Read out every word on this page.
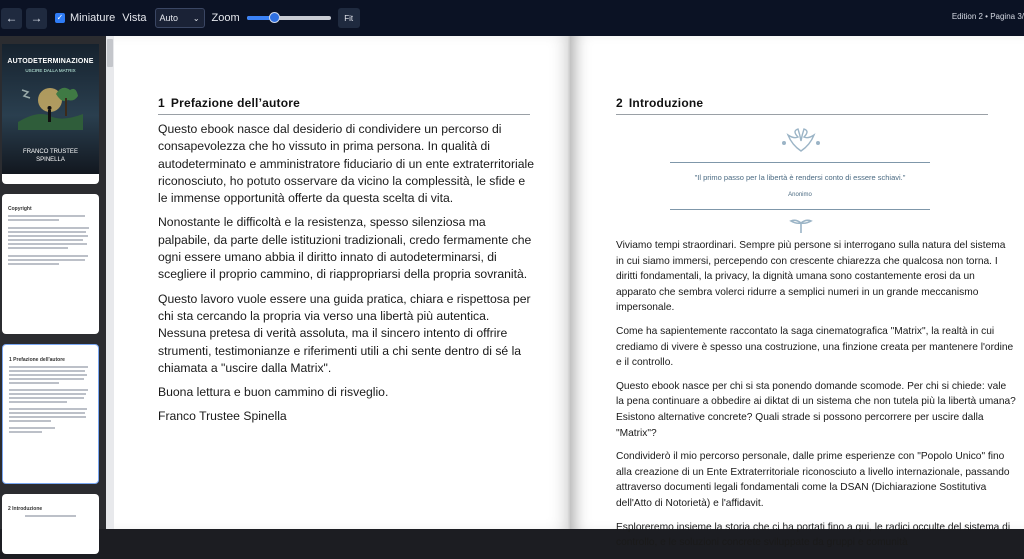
← → ✓ Miniature Vista Auto ⌄ Zoom	Fit	Edition 2 • Pagina 3/
AUTODETERMINAZIONE
USCIRE DALLA MATRIX
FRANCO TRUSTEE
SPINELLA
Copyright
1 Prefazione dell'autore
2 Introduzione
1 Prefazione dell’autore

Questo ebook nasce dal desiderio di condividere un percorso di consapevolezza che ho vissuto in prima persona. In qualità di autodeterminato e amministratore fiduciario di un ente extraterritoriale riconosciuto, ho potuto osservare da vicino la complessità, le sfide e le immense opportunità offerte da questa scelta di vita.

Nonostante le difficoltà e la resistenza, spesso silenziosa ma palpabile, da parte delle istituzioni tradizionali, credo fermamente che ogni essere umano abbia il diritto innato di autodeterminarsi, di scegliere il proprio cammino, di riappropriarsi della propria sovranità.

Questo lavoro vuole essere una guida pratica, chiara e rispettosa per chi sta cercando la propria via verso una libertà più autentica. Nessuna pretesa di verità assoluta, ma il sincero intento di offrire strumenti, testimonianze e riferimenti utili a chi sente dentro di sé la chiamata a "uscire dalla Matrix".

Buona lettura e buon cammino di risveglio.

Franco Trustee Spinella

2 Introduzione
"Il primo passo per la libertà è rendersi conto di essere schiavi."
Anonimo

Viviamo tempi straordinari. Sempre più persone si interrogano sulla natura del sistema in cui siamo immersi, percependo con crescente chiarezza che qualcosa non torna. I diritti fondamentali, la privacy, la dignità umana sono costantemente erosi da un apparato che sembra volerci ridurre a semplici numeri in un grande meccanismo impersonale.

Come ha sapientemente raccontato la saga cinematografica "Matrix", la realtà in cui crediamo di vivere è spesso una costruzione, una finzione creata per mantenere l'ordine e il controllo.

Questo ebook nasce per chi si sta ponendo domande scomode. Per chi si chiede: vale la pena continuare a obbedire ai diktat di un sistema che non tutela più la libertà umana? Esistono alternative concrete? Quali strade si possono percorrere per uscire dalla "Matrix"?

Condividerò il mio percorso personale, dalle prime esperienze con "Popolo Unico" fino alla creazione di un Ente Extraterritoriale riconosciuto a livello internazionale, passando attraverso documenti legali fondamentali come la DSAN (Dichiarazione Sostitutiva dell'Atto di Notorietà) e l'affidavit.

Esploreremo insieme la storia che ci ha portati fino a qui, le radici occulte del sistema di controllo, e le soluzioni concrete sviluppate da gruppi e comunità
